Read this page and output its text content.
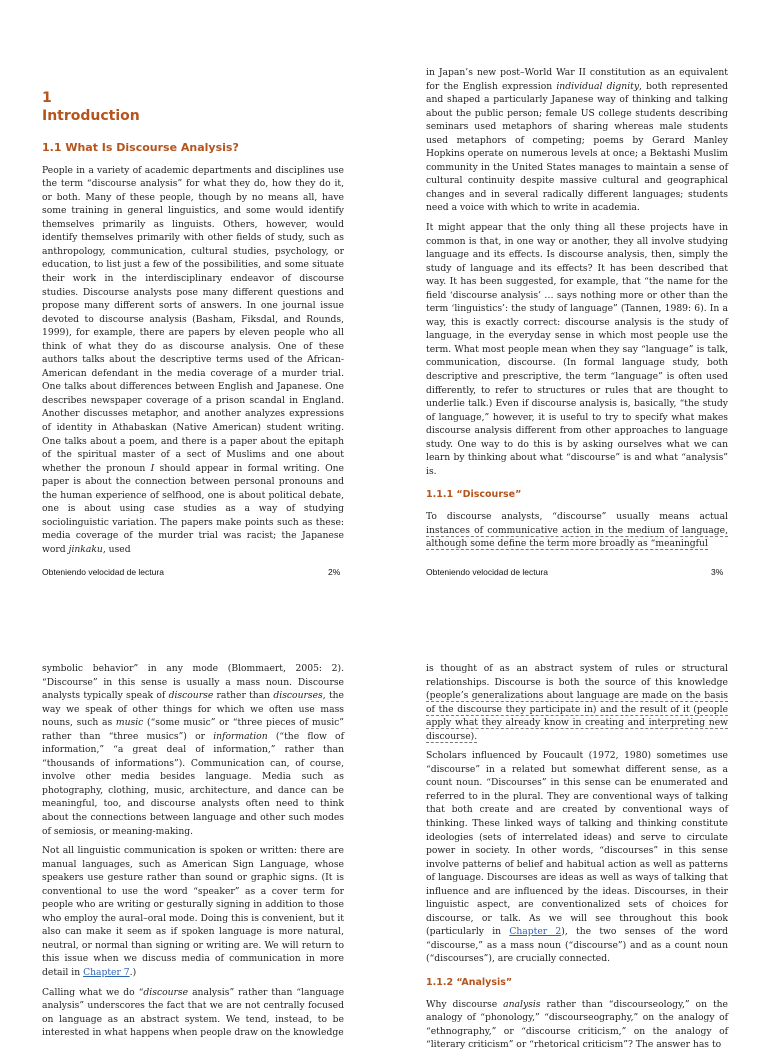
1
Introduction
1.1 What Is Discourse Analysis?

People in a variety of academic departments and disciplines use the term “discourse analysis” for what they do, how they do it, or both. Many of these people, though by no means all, have some training in general linguistics, and some would identify themselves primarily as linguists. Others, however, would identify themselves primarily with other fields of study, such as anthropology, communication, cultural studies, psychology, or education, to list just a few of the possibilities, and some situate their work in the interdisciplinary endeavor of discourse studies. Discourse analysts pose many different questions and propose many different sorts of answers. In one journal issue devoted to discourse analysis (Basham, Fiksdal, and Rounds, 1999), for example, there are papers by eleven people who all think of what they do as discourse analysis. One of these authors talks about the descriptive terms used of the African-American defendant in the media coverage of a murder trial. One talks about differences between English and Japanese. One describes newspaper coverage of a prison scandal in England. Another discusses metaphor, and another analyzes expressions of identity in Athabaskan (Native American) student writing. One talks about a poem, and there is a paper about the epitaph of the spiritual master of a sect of Muslims and one about whether the pronoun I should appear in formal writing. One paper is about the connection between personal pronouns and the human experience of selfhood, one is about political debate, one is about using case studies as a way of studying sociolinguistic variation. The papers make points such as these: media coverage of the murder trial was racist; the Japanese word jinkaku, used

Obteniendo velocidad de lectura	2%

in Japan’s new post–World War II constitution as an equivalent for the English expression individual dignity, both represented and shaped a particularly Japanese way of thinking and talking about the public person; female US college students describing seminars used metaphors of sharing whereas male students used metaphors of competing; poems by Gerard Manley Hopkins operate on numerous levels at once; a Bektashi Muslim community in the United States manages to maintain a sense of cultural continuity despite massive cultural and geographical changes and in several radically different languages; students need a voice with which to write in academia.

It might appear that the only thing all these projects have in common is that, in one way or another, they all involve studying language and its effects. Is discourse analysis, then, simply the study of language and its effects? It has been described that way. It has been suggested, for example, that “the name for the field ‘discourse analysis’ … says nothing more or other than the term ‘linguistics’: the study of language” (Tannen, 1989: 6). In a way, this is exactly correct: discourse analysis is the study of language, in the everyday sense in which most people use the term. What most people mean when they say “language” is talk, communication, discourse. (In formal language study, both descriptive and prescriptive, the term “language” is often used differently, to refer to structures or rules that are thought to underlie talk.) Even if discourse analysis is, basically, “the study of language,” however, it is useful to try to specify what makes discourse analysis different from other approaches to language study. One way to do this is by asking ourselves what we can learn by thinking about what “discourse” is and what “analysis” is.

1.1.1 “Discourse”

To discourse analysts, “discourse” usually means actual instances of communicative action in the medium of language, although some define the term more broadly as “meaningful

Obteniendo velocidad de lectura	3%

symbolic behavior” in any mode (Blommaert, 2005: 2). “Discourse” in this sense is usually a mass noun. Discourse analysts typically speak of discourse rather than discourses, the way we speak of other things for which we often use mass nouns, such as music (“some music” or “three pieces of music” rather than “three musics”) or information (“the flow of information,” “a great deal of information,” rather than “thousands of informations”). Communication can, of course, involve other media besides language. Media such as photography, clothing, music, architecture, and dance can be meaningful, too, and discourse analysts often need to think about the connections between language and other such modes of semiosis, or meaning-making.

Not all linguistic communication is spoken or written: there are manual languages, such as American Sign Language, whose speakers use gesture rather than sound or graphic signs. (It is conventional to use the word “speaker” as a cover term for people who are writing or gesturally signing in addition to those who employ the aural–oral mode. Doing this is convenient, but it also can make it seem as if spoken language is more natural, neutral, or normal than signing or writing are. We will return to this issue when we discuss media of communication in more detail in Chapter 7.)

Calling what we do “discourse analysis” rather than “language analysis” underscores the fact that we are not centrally focused on language as an abstract system. We tend, instead, to be interested in what happens when people draw on the knowledge

is thought of as an abstract system of rules or structural relationships. Discourse is both the source of this knowledge (people’s generalizations about language are made on the basis of the discourse they participate in) and the result of it (people apply what they already know in creating and interpreting new discourse).

Scholars influenced by Foucault (1972, 1980) sometimes use “discourse” in a related but somewhat different sense, as a count noun. “Discourses” in this sense can be enumerated and referred to in the plural. They are conventional ways of talking that both create and are created by conventional ways of thinking. These linked ways of talking and thinking constitute ideologies (sets of interrelated ideas) and serve to circulate power in society. In other words, “discourses” in this sense involve patterns of belief and habitual action as well as patterns of language. Discourses are ideas as well as ways of talking that influence and are influenced by the ideas. Discourses, in their linguistic aspect, are conventionalized sets of choices for discourse, or talk. As we will see throughout this book (particularly in Chapter 2), the two senses of the word “discourse,” as a mass noun (“discourse”) and as a count noun (“discourses”), are crucially connected.

1.1.2 “Analysis”

Why discourse analysis rather than “discourseology,” on the analogy of “phonology,” “discourseography,” on the analogy of “ethnography,” or “discourse criticism,” on the analogy of “literary criticism” or “rhetorical criticism”? The answer has to
